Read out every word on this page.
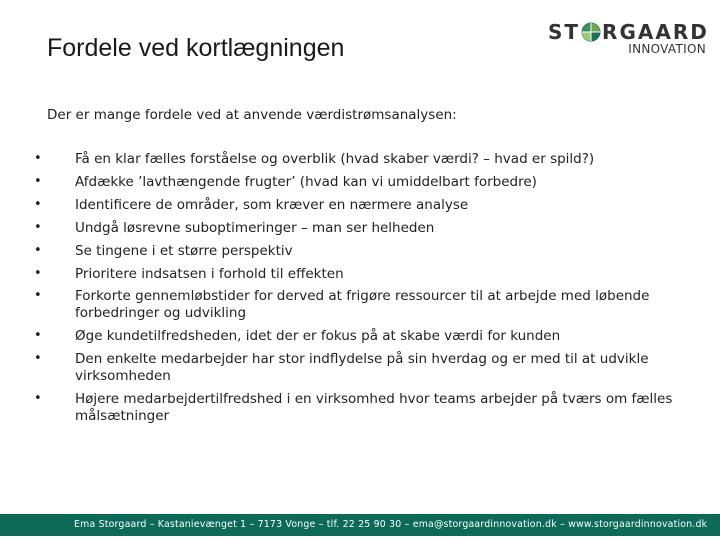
Fordele ved kortlægningen
ST RGAARD
INNOVATION

Der er mange fordele ved at anvende værdistrømsanalysen:

• Få en klar fælles forståelse og overblik (hvad skaber værdi? – hvad er spild?)
• Afdække ’lavthængende frugter’ (hvad kan vi umiddelbart forbedre)
• Identificere de områder, som kræver en nærmere analyse
• Undgå løsrevne suboptimeringer – man ser helheden
• Se tingene i et større perspektiv
• Prioritere indsatsen i forhold til effekten
• Forkorte gennemløbstider for derved at frigøre ressourcer til at arbejde med løbende forbedringer og udvikling
• Øge kundetilfredsheden, idet der er fokus på at skabe værdi for kunden
• Den enkelte medarbejder har stor indflydelse på sin hverdag og er med til at udvikle virksomheden
• Højere medarbejdertilfredshed i en virksomhed hvor teams arbejder på tværs om fælles målsætninger
Ema Storgaard – Kastanievænget 1 – 7173 Vonge – tlf. 22 25 90 30 – ema@storgaardinnovation.dk – www.storgaardinnovation.dk
